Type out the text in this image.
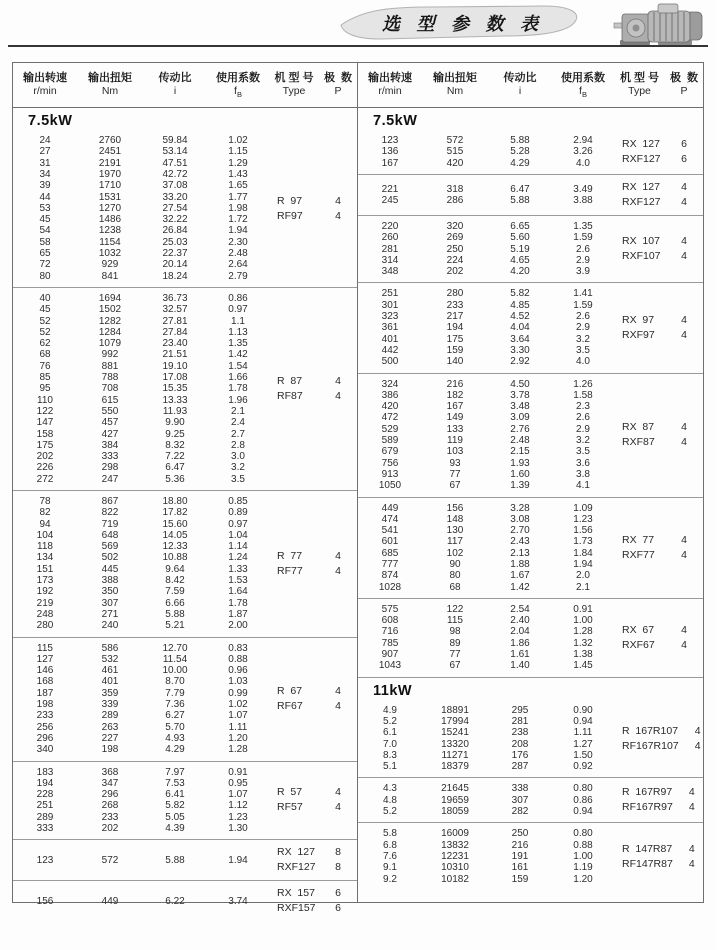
选 型 参 数 表
输出转速
r/min
输出扭矩
Nm
传动比
i
使用系数
$f_B$
机 型 号
Type
极  数
P
7.5kW
24	2760	59.84	1.02
27	2451	53.14	1.15
31	2191	47.51	1.29
34	1970	42.72	1.43
39	1710	37.08	1.65
44	1531	33.20	1.77
53	1270	27.54	1.98
45	1486	32.22	1.72
54	1238	26.84	1.94
58	1154	25.03	2.30
65	1032	22.37	2.48
72	929	20.14	2.64
80	841	18.24	2.79
R  97	4
RF97	4
40	1694	36.73	0.86
45	1502	32.57	0.97
52	1282	27.81	1.1
52	1284	27.84	1.13
62	1079	23.40	1.35
68	992	21.51	1.42
76	881	19.10	1.54
85	788	17.08	1.66
95	708	15.35	1.78
110	615	13.33	1.96
122	550	11.93	2.1
147	457	9.90	2.4
158	427	9.25	2.7
175	384	8.32	2.8
202	333	7.22	3.0
226	298	6.47	3.2
272	247	5.36	3.5
R  87	4
RF87	4
78	867	18.80	0.85
82	822	17.82	0.89
94	719	15.60	0.97
104	648	14.05	1.04
118	569	12.33	1.14
134	502	10.88	1.24
151	445	9.64	1.33
173	388	8.42	1.53
192	350	7.59	1.64
219	307	6.66	1.78
248	271	5.88	1.87
280	240	5.21	2.00
R  77	4
RF77	4
115	586	12.70	0.83
127	532	11.54	0.88
146	461	10.00	0.96
168	401	8.70	1.03
187	359	7.79	0.99
198	339	7.36	1.02
233	289	6.27	1.07
256	263	5.70	1.11
296	227	4.93	1.20
340	198	4.29	1.28
R  67	4
RF67	4
183	368	7.97	0.91
194	347	7.53	0.95
228	296	6.41	1.07
251	268	5.82	1.12
289	233	5.05	1.23
333	202	4.39	1.30
R  57	4
RF57	4
123	572	5.88	1.94
RX  127	8
RXF127	8
156	449	6.22	3.74
RX  157	6
RXF157	6
输出转速
r/min
输出扭矩
Nm
传动比
i
使用系数
$f_B$
机 型 号
Type
极  数
P
7.5kW
123	572	5.88	2.94
136	515	5.28	3.26
167	420	4.29	4.0
RX  127	6
RXF127	6
221	318	6.47	3.49
245	286	5.88	3.88
RX  127	4
RXF127	4
220	320	6.65	1.35
260	269	5.60	1.59
281	250	5.19	2.6
314	224	4.65	2.9
348	202	4.20	3.9
RX  107	4
RXF107	4
251	280	5.82	1.41
301	233	4.85	1.59
323	217	4.52	2.6
361	194	4.04	2.9
401	175	3.64	3.2
442	159	3.30	3.5
500	140	2.92	4.0
RX  97	4
RXF97	4
324	216	4.50	1.26
386	182	3.78	1.58
420	167	3.48	2.3
472	149	3.09	2.6
529	133	2.76	2.9
589	119	2.48	3.2
679	103	2.15	3.5
756	93	1.93	3.6
913	77	1.60	3.8
1050	67	1.39	4.1
RX  87	4
RXF87	4
449	156	3.28	1.09
474	148	3.08	1.23
541	130	2.70	1.56
601	117	2.43	1.73
685	102	2.13	1.84
777	90	1.88	1.94
874	80	1.67	2.0
1028	68	1.42	2.1
RX  77	4
RXF77	4
575	122	2.54	0.91
608	115	2.40	1.00
716	98	2.04	1.28
785	89	1.86	1.32
907	77	1.61	1.38
1043	67	1.40	1.45
RX  67	4
RXF67	4
11kW
4.9	18891	295	0.90
5.2	17994	281	0.94
6.1	15241	238	1.11
7.0	13320	208	1.27
8.3	11271	176	1.50
5.1	18379	287	0.92
R  167R107	4
RF167R107	4
4.3	21645	338	0.80
4.8	19659	307	0.86
5.2	18059	282	0.94
R  167R97	4
RF167R97	4
5.8	16009	250	0.80
6.8	13832	216	0.88
7.6	12231	191	1.00
9.1	10310	161	1.19
9.2	10182	159	1.20
R  147R87	4
RF147R87	4
